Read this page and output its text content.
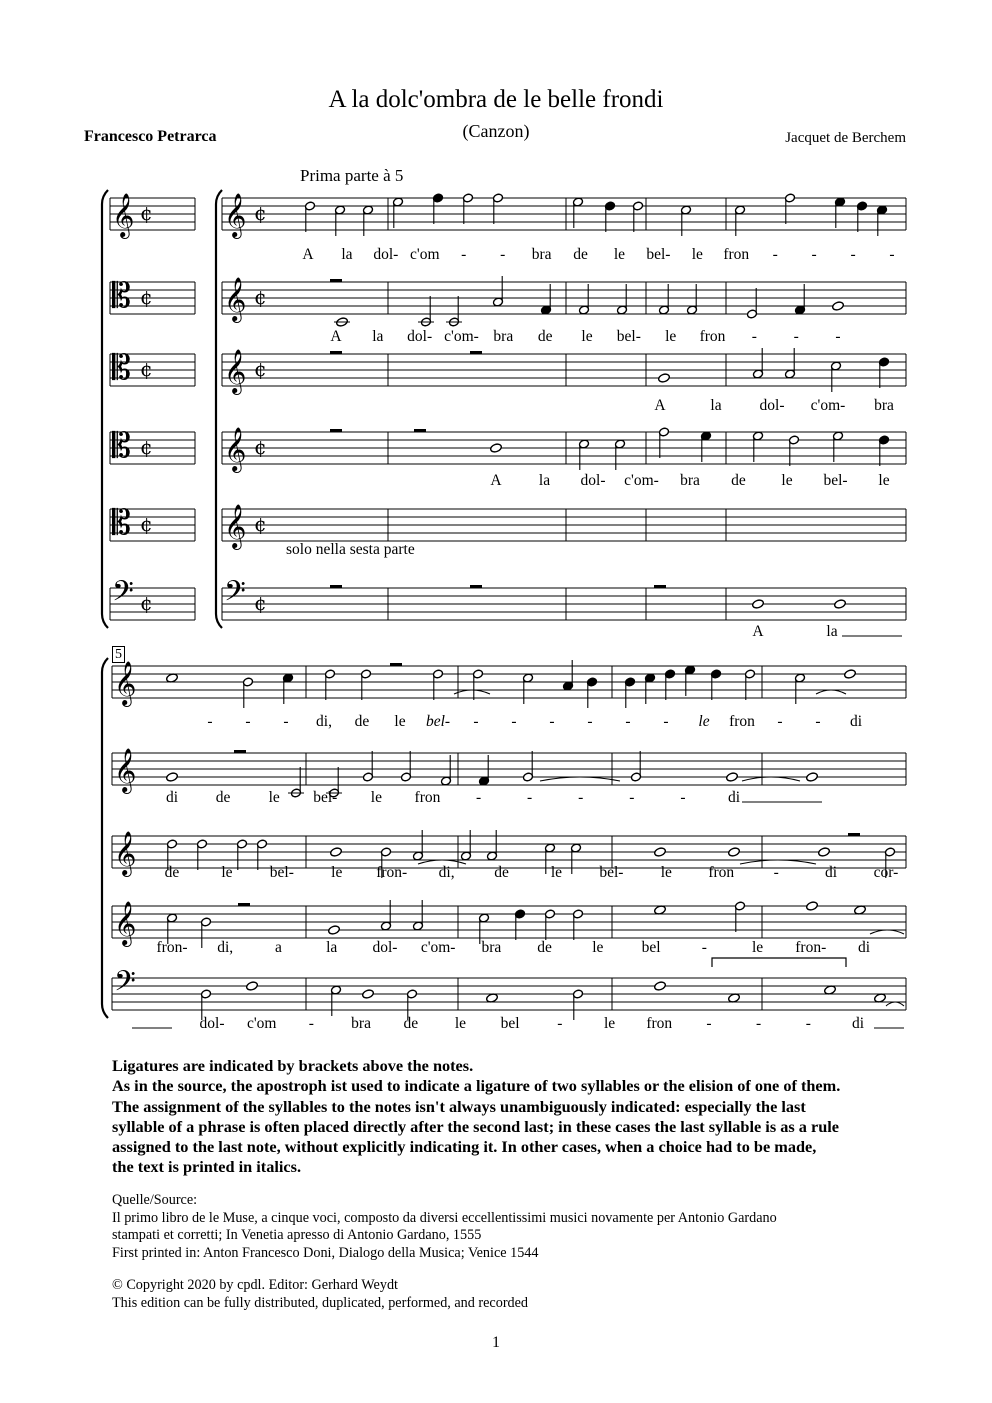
A la dolc'ombra de le belle frondi
(Canzon)
Francesco Petrarca	Jacquet de Berchem
Prima parte à 5
5
𝄞 ¢ 𝄞 ¢
𝄡 ¢ 𝄞 ¢
𝄡 ¢ 𝄞 ¢
𝄡 ¢ 𝄞 ¢
𝄡 ¢ 𝄞 ¢
𝄢 ¢ 𝄢 ¢
A la dol- c'om - - bra de le bel- le fron - - - -
A la dol- c'om- bra de le bel- le fron - - -
A	la dol- c'om- bra
A la dol- c'om- bra de le bel- le
solo nella sesta parte
A	la
𝄞
𝄞
𝄞
𝄞
𝄢
- - - di, de le bel- - - - - - - le fron - - di
di de le bel- le fron -	-	-	-	-	di
de	le bel- le fron- di,	de	le bel- le fron	-	di cor-
fron- di,	a	la dol- c'om- bra de	le bel	-	le fron- di
dol- c'om - bra de le bel -	le fron -	-	-	di
Ligatures are indicated by brackets above the notes.
As in the source, the apostroph ist used to indicate a ligature of two syllables or the elision of one of them.
The assignment of the syllables to the notes isn't always unambiguously indicated: especially the last
syllable of a phrase is often placed directly after the second last; in these cases the last syllable is as a rule
assigned to the last note, without explicitly indicating it. In other cases, when a choice had to be made,
the text is printed in italics.
Quelle/Source:
Il primo libro de le Muse, a cinque voci, composto da diversi eccellentissimi musici novamente per Antonio Gardano
stampati et corretti; In Venetia apresso di Antonio Gardano, 1555
First printed in: Anton Francesco Doni, Dialogo della Musica; Venice 1544
© Copyright 2020 by cpdl. Editor: Gerhard Weydt
This edition can be fully distributed, duplicated, performed, and recorded
1
